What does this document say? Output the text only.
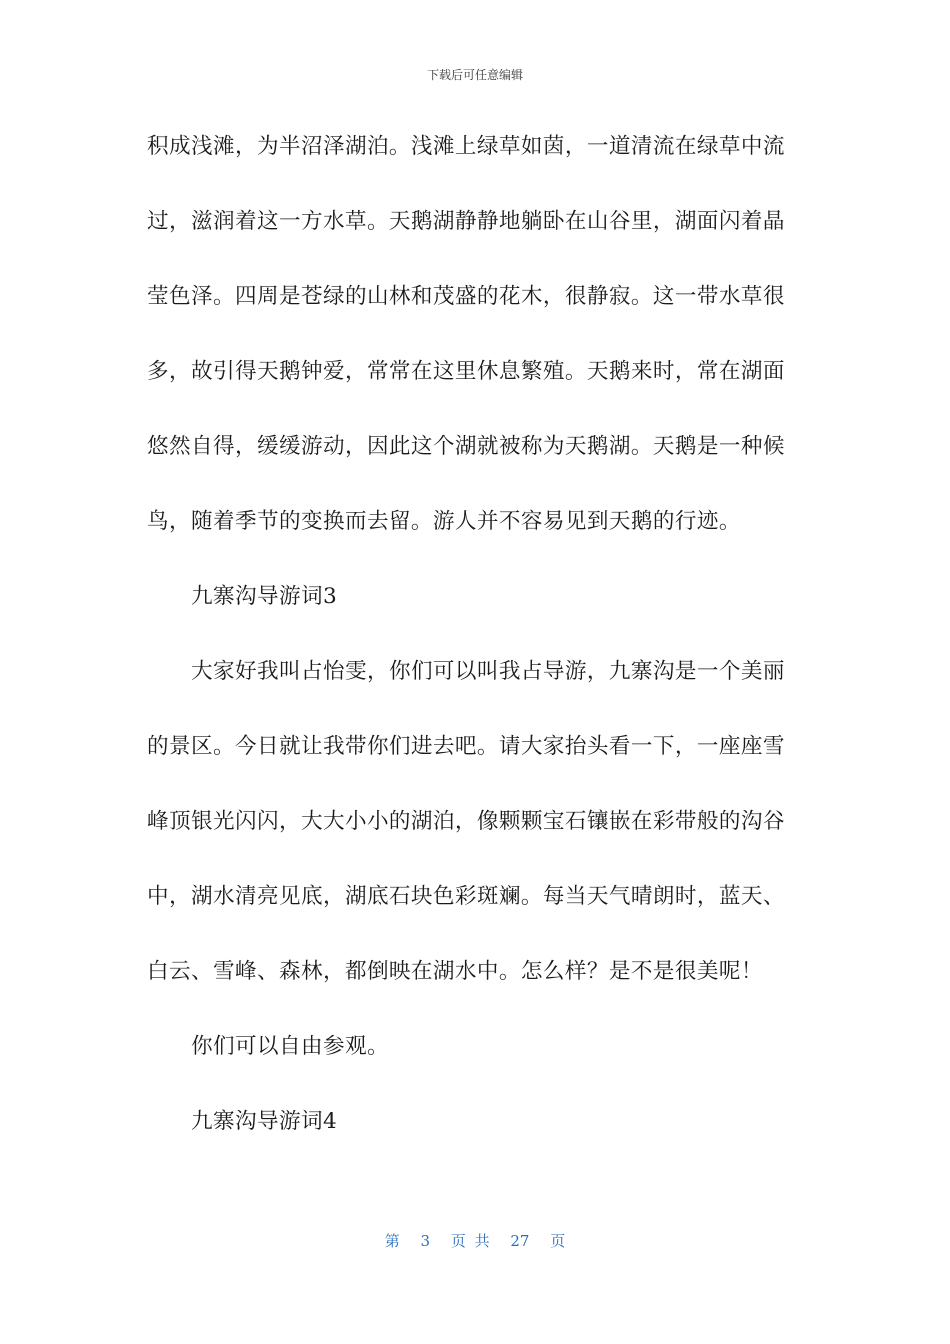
下载后可任意编辑
积成浅滩，为半沼泽湖泊。浅滩上绿草如茵，一道清流在绿草中流
过，滋润着这一方水草。天鹅湖静静地躺卧在山谷里，湖面闪着晶
莹色泽。四周是苍绿的山林和茂盛的花木，很静寂。这一带水草很
多，故引得天鹅钟爱，常常在这里休息繁殖。天鹅来时，常在湖面
悠然自得，缓缓游动，因此这个湖就被称为天鹅湖。天鹅是一种候
鸟，随着季节的变换而去留。游人并不容易见到天鹅的行迹。
九寨沟导游词3
大家好我叫占怡雯，你们可以叫我占导游，九寨沟是一个美丽
的景区。今日就让我带你们进去吧。请大家抬头看一下，一座座雪
峰顶银光闪闪，大大小小的湖泊，像颗颗宝石镶嵌在彩带般的沟谷
中，湖水清亮见底，湖底石块色彩斑斓。每当天气晴朗时，蓝天、
白云、雪峰、森林，都倒映在湖水中。怎么样？是不是很美呢！
你们可以自由参观。
九寨沟导游词4
第 3 页 共 27 页
